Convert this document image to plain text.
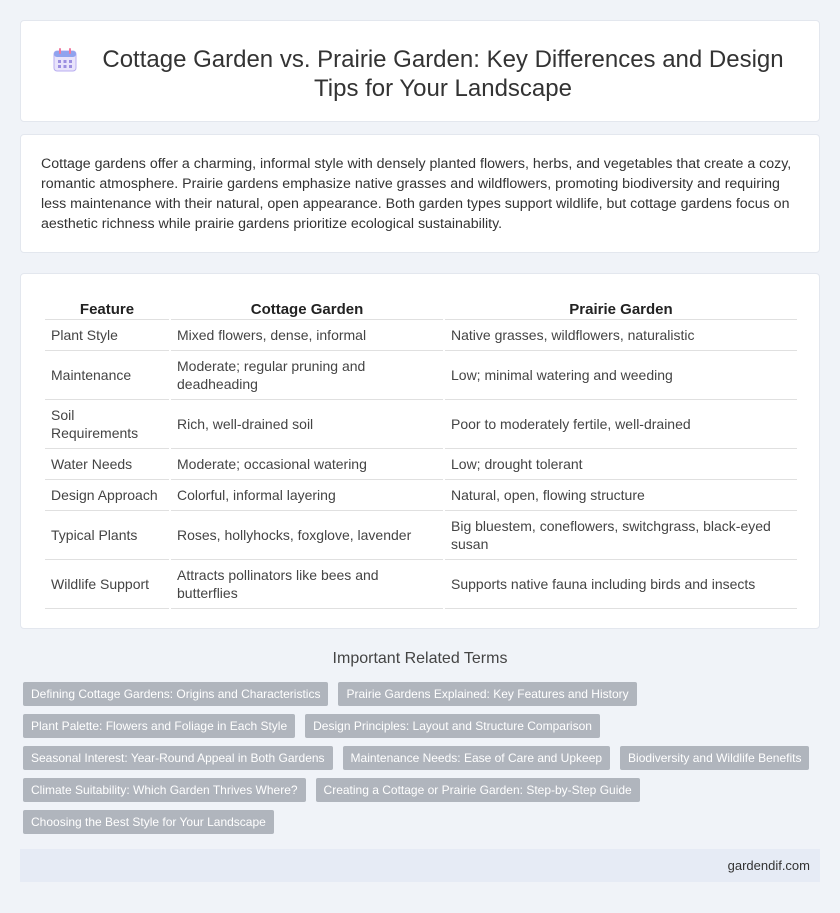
Cottage Garden vs. Prairie Garden: Key Differences and Design Tips for Your Landscape

Cottage gardens offer a charming, informal style with densely planted flowers, herbs, and vegetables that create a cozy, romantic atmosphere. Prairie gardens emphasize native grasses and wildflowers, promoting biodiversity and requiring less maintenance with their natural, open appearance. Both garden types support wildlife, but cottage gardens focus on aesthetic richness while prairie gardens prioritize ecological sustainability.

Feature	Cottage Garden	Prairie Garden
Plant Style	Mixed flowers, dense, informal	Native grasses, wildflowers, naturalistic
Maintenance	Moderate; regular pruning and deadheading	Low; minimal watering and weeding
Soil Requirements	Rich, well-drained soil	Poor to moderately fertile, well-drained
Water Needs	Moderate; occasional watering	Low; drought tolerant
Design Approach	Colorful, informal layering	Natural, open, flowing structure
Typical Plants	Roses, hollyhocks, foxglove, lavender	Big bluestem, coneflowers, switchgrass, black-eyed susan
Wildlife Support	Attracts pollinators like bees and butterflies	Supports native fauna including birds and insects
Important Related Terms
Defining Cottage Gardens: Origins and Characteristics	Prairie Gardens Explained: Key Features and History
Plant Palette: Flowers and Foliage in Each Style	Design Principles: Layout and Structure Comparison
Seasonal Interest: Year-Round Appeal in Both Gardens	Maintenance Needs: Ease of Care and Upkeep	Biodiversity and Wildlife Benefits
Climate Suitability: Which Garden Thrives Where?	Creating a Cottage or Prairie Garden: Step-by-Step Guide
Choosing the Best Style for Your Landscape
gardendif.com
